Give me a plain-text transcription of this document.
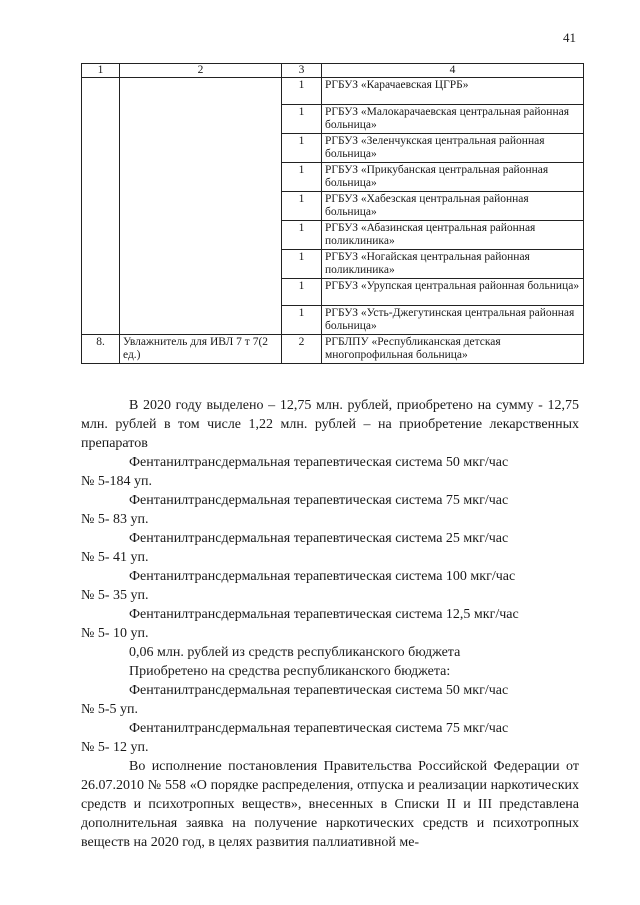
41
1	2	3	4
		1	РГБУЗ «Карачаевская ЦГРБ»
		1	РГБУЗ «Малокарачаевская центральная районная больница»
		1	РГБУЗ «Зеленчукская центральная районная больница»
		1	РГБУЗ «Прикубанская центральная районная больница»
		1	РГБУЗ «Хабезская центральная районная больница»
		1	РГБУЗ «Абазинская центральная районная поликлиника»
		1	РГБУЗ «Ногайская центральная районная поликлиника»
		1	РГБУЗ «Урупская центральная районная больница»
		1	РГБУЗ «Усть-Джегутинская центральная районная больница»
8.	Увлажнитель для ИВЛ 7 т 7(2 ед.)	2	РГБЛПУ «Республиканская детская многопрофильная больница»

В 2020 году выделено – 12,75 млн. рублей, приобретено на сумму - 12,75 млн. рублей в том числе 1,22 млн. рублей – на приобретение лекарственных препаратов

Фентанилтрансдермальная терапевтическая система 50 мкг/час

№ 5-184 уп.

Фентанилтрансдермальная терапевтическая система 75 мкг/час

№ 5- 83 уп.

Фентанилтрансдермальная терапевтическая система 25 мкг/час

№ 5- 41 уп.

Фентанилтрансдермальная терапевтическая система 100 мкг/час

№ 5- 35 уп.

Фентанилтрансдермальная терапевтическая система 12,5 мкг/час

№ 5- 10 уп.

0,06 млн. рублей из средств республиканского бюджета

Приобретено на средства республиканского бюджета:

Фентанилтрансдермальная терапевтическая система 50 мкг/час

№ 5-5 уп.

Фентанилтрансдермальная терапевтическая система 75 мкг/час

№ 5- 12 уп.

Во исполнение постановления Правительства Российской Федерации от 26.07.2010 № 558 «О порядке распределения, отпуска и реализации наркотических средств и психотропных веществ», внесенных в Списки II и III представлена дополнительная заявка на получение наркотических средств и психотропных веществ на 2020 год, в целях развития паллиативной ме-
